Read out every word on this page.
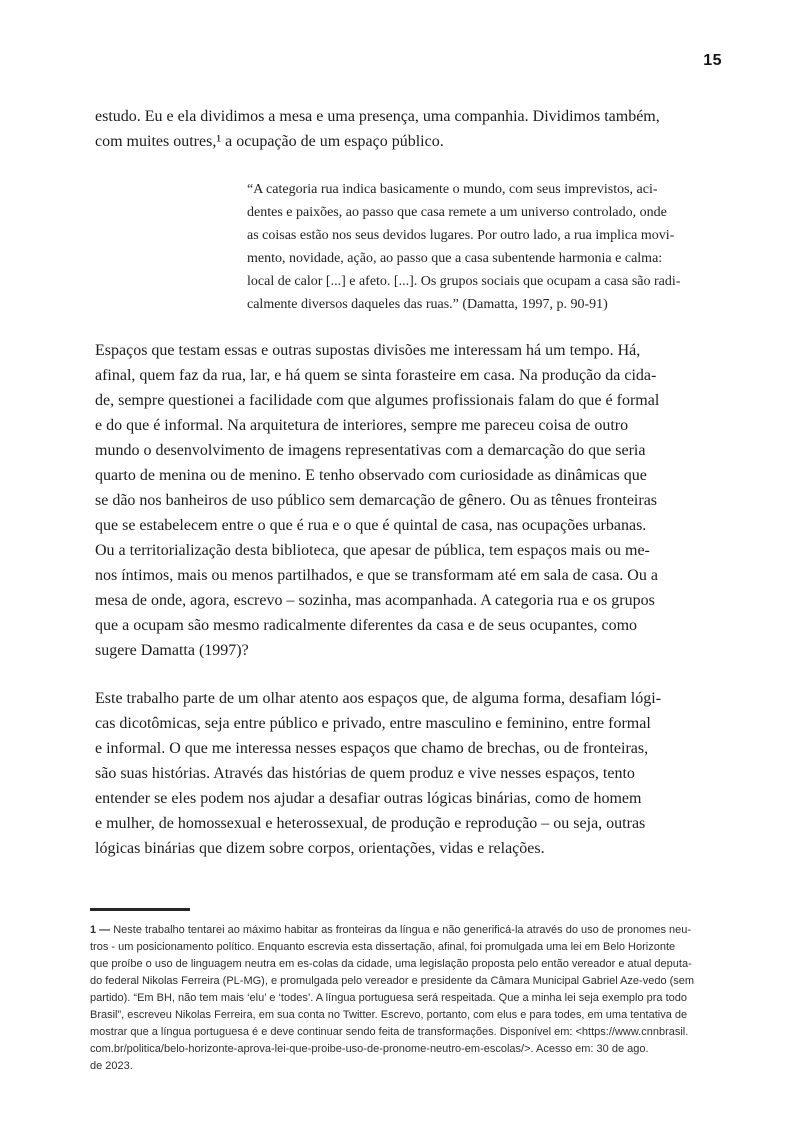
15

estudo. Eu e ela dividimos a mesa e uma presença, uma companhia. Dividimos também,
com muites outres,¹ a ocupação de um espaço público.

“A categoria rua indica basicamente o mundo, com seus imprevistos, aci-
dentes e paixões, ao passo que casa remete a um universo controlado, onde
as coisas estão nos seus devidos lugares. Por outro lado, a rua implica movi-
mento, novidade, ação, ao passo que a casa subentende harmonia e calma:
local de calor [...] e afeto. [...]. Os grupos sociais que ocupam a casa são radi-
calmente diversos daqueles das ruas.” (Damatta, 1997, p. 90-91)

Espaços que testam essas e outras supostas divisões me interessam há um tempo. Há,
afinal, quem faz da rua, lar, e há quem se sinta forasteire em casa. Na produção da cida-
de, sempre questionei a facilidade com que algumes profissionais falam do que é formal
e do que é informal. Na arquitetura de interiores, sempre me pareceu coisa de outro
mundo o desenvolvimento de imagens representativas com a demarcação do que seria
quarto de menina ou de menino. E tenho observado com curiosidade as dinâmicas que
se dão nos banheiros de uso público sem demarcação de gênero. Ou as tênues fronteiras
que se estabelecem entre o que é rua e o que é quintal de casa, nas ocupações urbanas.
Ou a territorialização desta biblioteca, que apesar de pública, tem espaços mais ou me-
nos íntimos, mais ou menos partilhados, e que se transformam até em sala de casa. Ou a
mesa de onde, agora, escrevo – sozinha, mas acompanhada. A categoria rua e os grupos
que a ocupam são mesmo radicalmente diferentes da casa e de seus ocupantes, como
sugere Damatta (1997)?

Este trabalho parte de um olhar atento aos espaços que, de alguma forma, desafiam lógi-
cas dicotômicas, seja entre público e privado, entre masculino e feminino, entre formal
e informal. O que me interessa nesses espaços que chamo de brechas, ou de fronteiras,
são suas histórias. Através das histórias de quem produz e vive nesses espaços, tento
entender se eles podem nos ajudar a desafiar outras lógicas binárias, como de homem
e mulher, de homossexual e heterossexual, de produção e reprodução – ou seja, outras
lógicas binárias que dizem sobre corpos, orientações, vidas e relações.

1 — Neste trabalho tentarei ao máximo habitar as fronteiras da língua e não generificá-la através do uso de pronomes neu-
tros - um posicionamento político. Enquanto escrevia esta dissertação, afinal, foi promulgada uma lei em Belo Horizonte
que proíbe o uso de linguagem neutra em es-colas da cidade, uma legislação proposta pelo então vereador e atual deputa-
do federal Nikolas Ferreira (PL-MG), e promulgada pelo vereador e presidente da Câmara Municipal Gabriel Aze-vedo (sem
partido). “Em BH, não tem mais ‘elu’ e ‘todes’. A língua portuguesa será respeitada. Que a minha lei seja exemplo pra todo
Brasil”, escreveu Nikolas Ferreira, em sua conta no Twitter. Escrevo, portanto, com elus e para todes, em uma tentativa de
mostrar que a língua portuguesa é e deve continuar sendo feita de transformações. Disponível em: <https://www.cnnbrasil.
com.br/politica/belo-horizonte-aprova-lei-que-proibe-uso-de-pronome-neutro-em-escolas/>. Acesso em: 30 de ago.
de 2023.
